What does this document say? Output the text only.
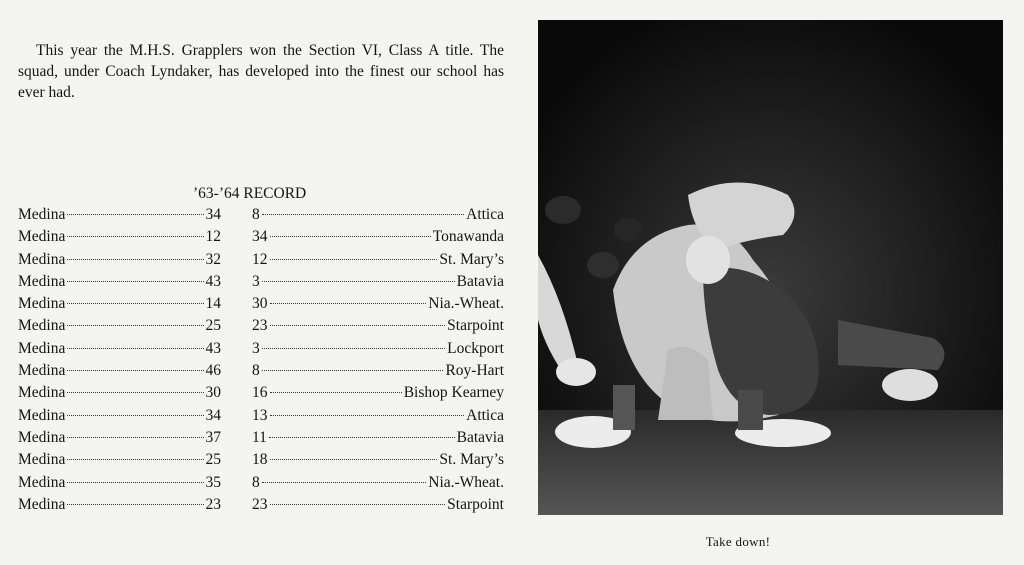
This year the M.H.S. Grapplers won the Section VI, Class A title. The squad, under Coach Lyndaker, has developed into the finest our school has ever had.

’63-’64 RECORD
Medina	34 8	Attica
Medina	12 34	Tonawanda
Medina	32 12	St. Mary’s
Medina	43 3	Batavia
Medina	14 30	Nia.-Wheat.
Medina	25 23	Starpoint
Medina	43 3	Lockport
Medina	46 8	Roy-Hart
Medina	30 16	Bishop Kearney
Medina	34 13	Attica
Medina	37 11	Batavia
Medina	25 18	St. Mary’s
Medina	35 8	Nia.-Wheat.
Medina	23 23	Starpoint
Take down!
